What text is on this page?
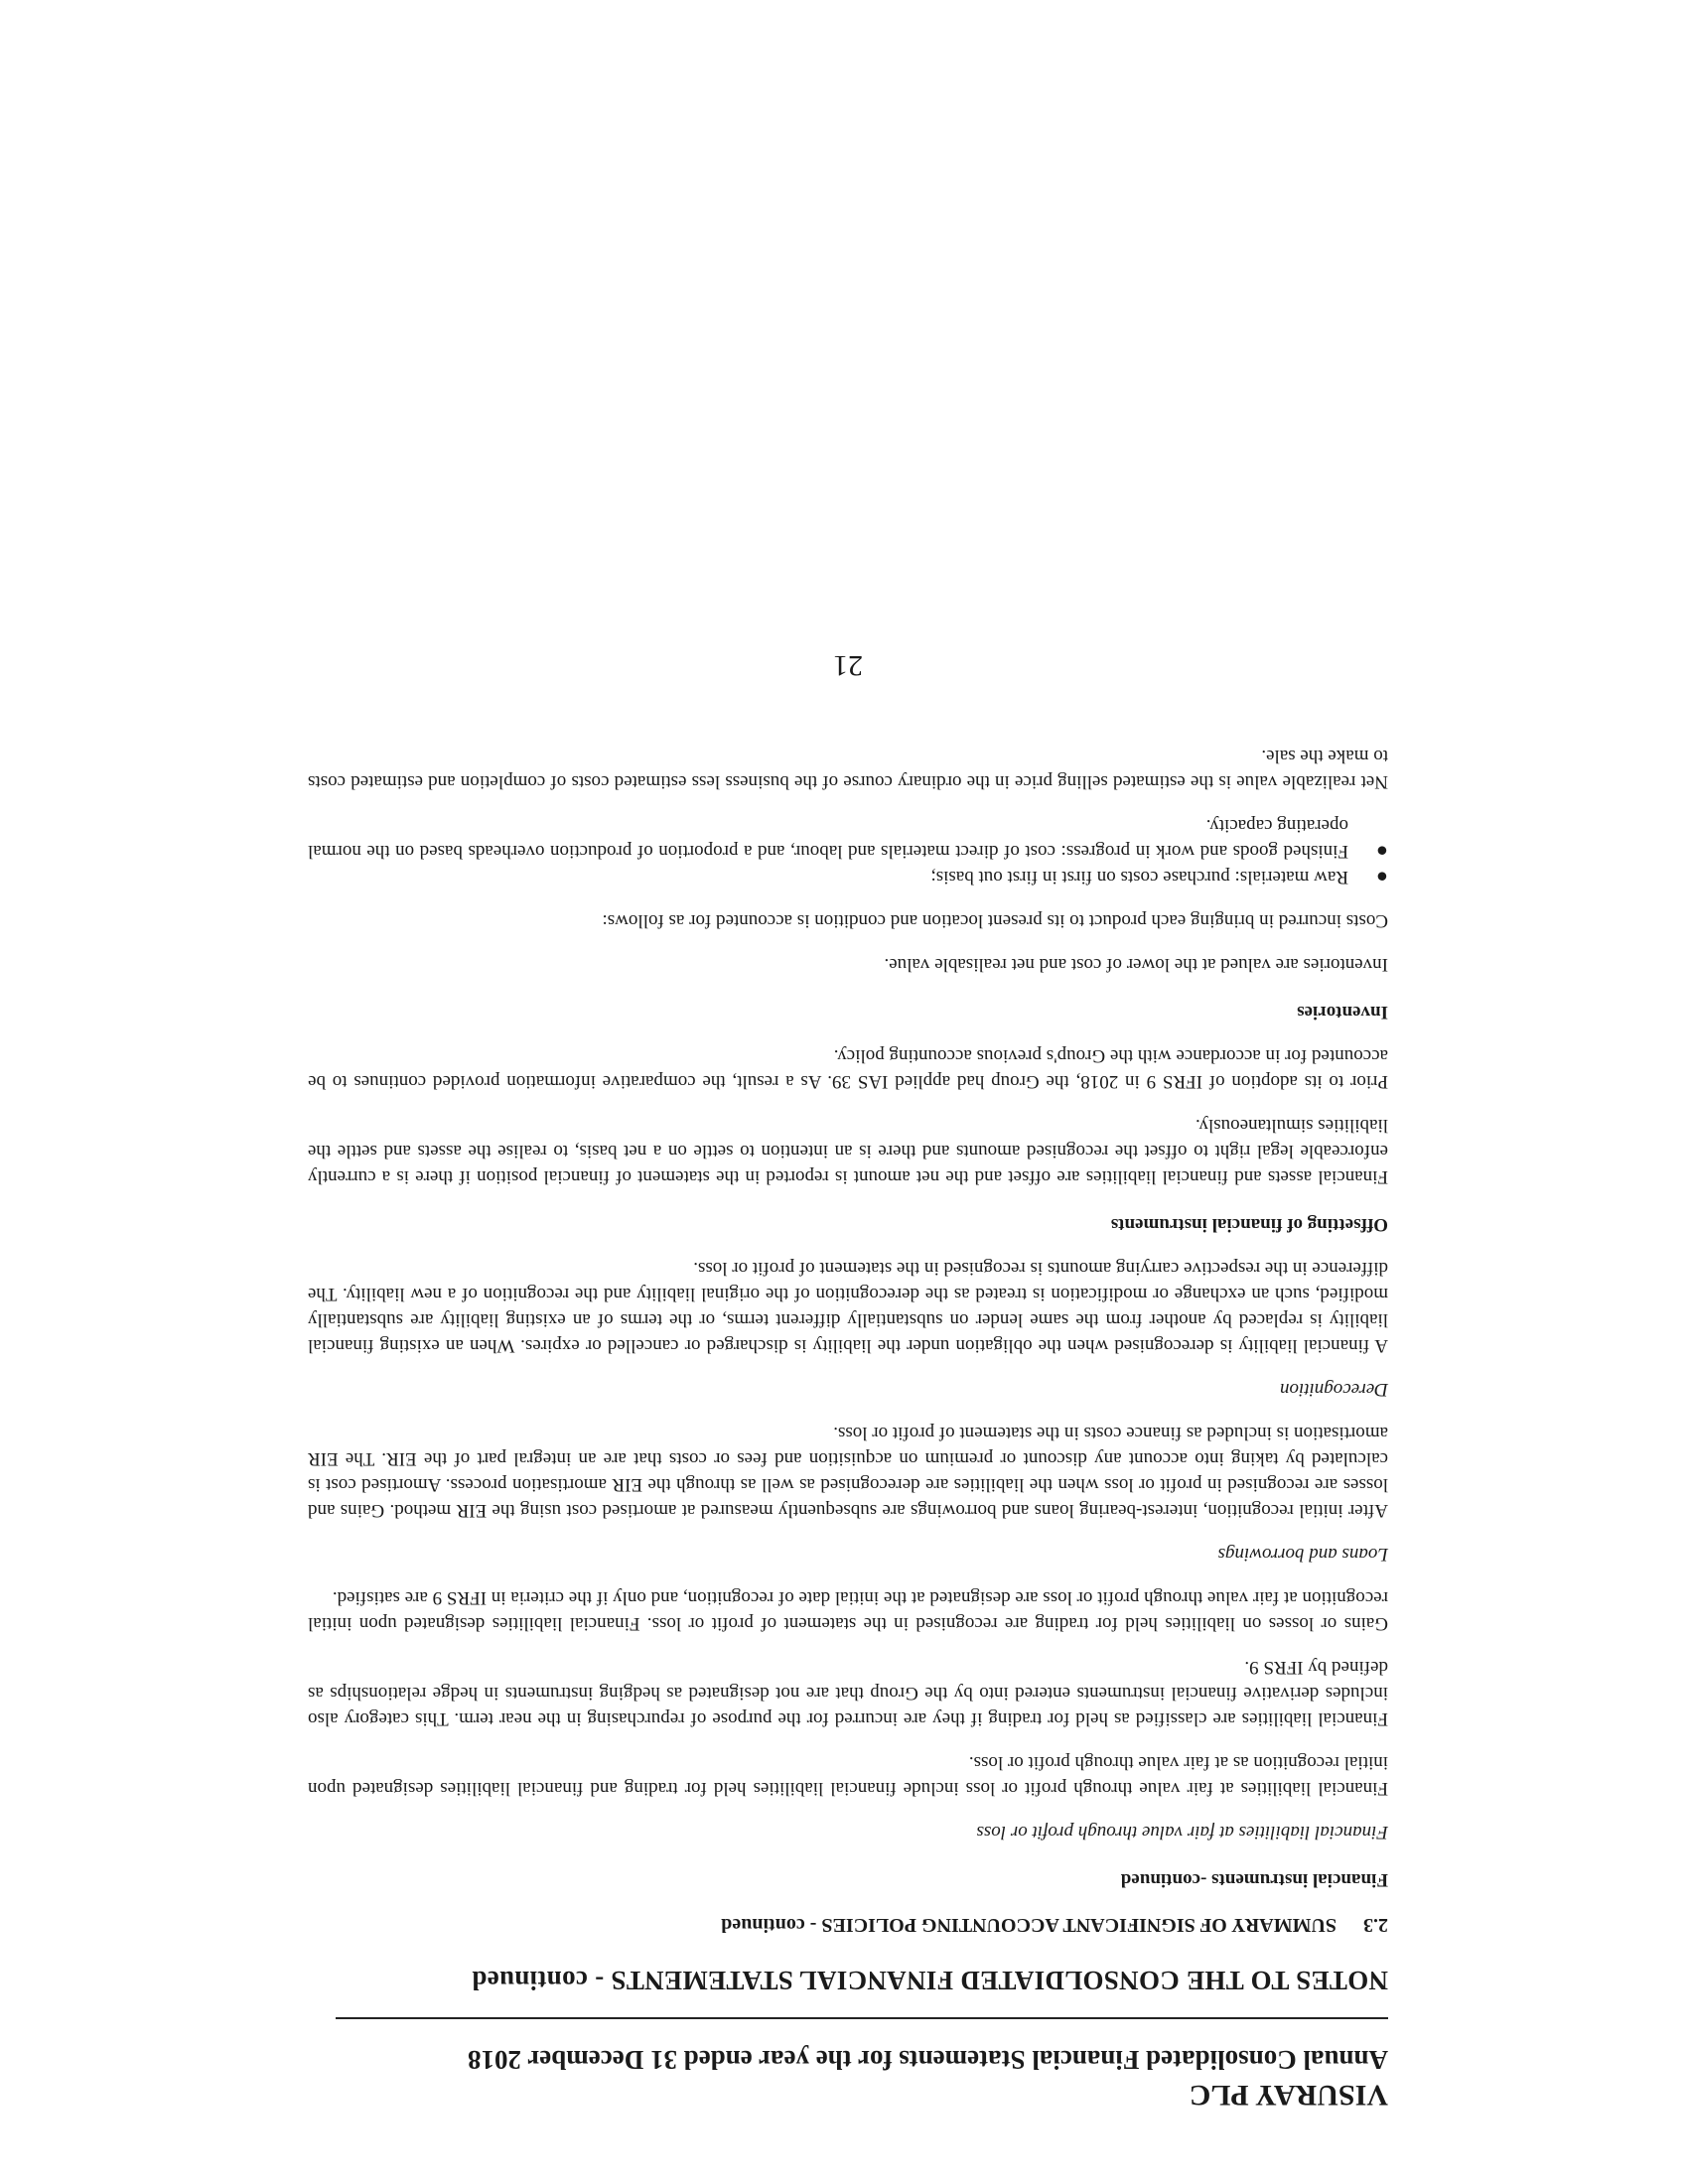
VISURAY PLC

Annual Consolidated Financial Statements for the year ended 31 December 2018

NOTES TO THE CONSOLDIATED FINANCIAL STATEMENTS - continued

2.3
SUMMARY OF SIGNIFICANT ACCOUNTING POLICIES - continued

Financial instruments -continued

Financial liabilities at fair value through profit or loss

Financial liabilities at fair value through profit or loss include financial liabilities held for trading and financial liabilities designated upon initial recognition as at fair value through profit or loss.

Financial liabilities are classified as held for trading if they are incurred for the purpose of repurchasing in the near term. This category also includes derivative financial instruments entered into by the Group that are not designated as hedging instruments in hedge relationships as defined by IFRS 9.

Gains or losses on liabilities held for trading are recognised in the statement of profit or loss. Financial liabilities designated upon initial recognition at fair value through profit or loss are designated at the initial date of recognition, and only if the criteria in IFRS 9 are satisfied.

Loans and borrowings

After initial recognition, interest-bearing loans and borrowings are subsequently measured at amortised cost using the EIR method. Gains and losses are recognised in profit or loss when the liabilities are derecognised as well as through the EIR amortisation process. Amortised cost is calculated by taking into account any discount or premium on acquisition and fees or costs that are an integral part of the EIR. The EIR amortisation is included as finance costs in the statement of profit or loss.

Derecognition

A financial liability is derecognised when the obligation under the liability is discharged or cancelled or expires. When an existing financial liability is replaced by another from the same lender on substantially different terms, or the terms of an existing liability are substantially modified, such an exchange or modification is treated as the derecognition of the original liability and the recognition of a new liability. The difference in the respective carrying amounts is recognised in the statement of profit or loss.

Offsetting of financial instruments

Financial assets and financial liabilities are offset and the net amount is reported in the statement of financial position if there is a currently enforceable legal right to offset the recognised amounts and there is an intention to settle on a net basis, to realise the assets and settle the liabilities simultaneously.

Prior to its adoption of IFRS 9 in 2018, the Group had applied IAS 39. As a result, the comparative information provided continues to be accounted for in accordance with the Group's previous accounting policy.

Inventories

Inventories are valued at the lower of cost and net realisable value.

Costs incurred in bringing each product to its present location and condition is accounted for as follows:

●
Raw materials: purchase costs on first in first out basis;
●
Finished goods and work in progress: cost of direct materials and labour, and a proportion of production overheads based on the normal operating capacity.

Net realizable value is the estimated selling price in the ordinary course of the business less estimated costs of completion and estimated costs to make the sale.

21
